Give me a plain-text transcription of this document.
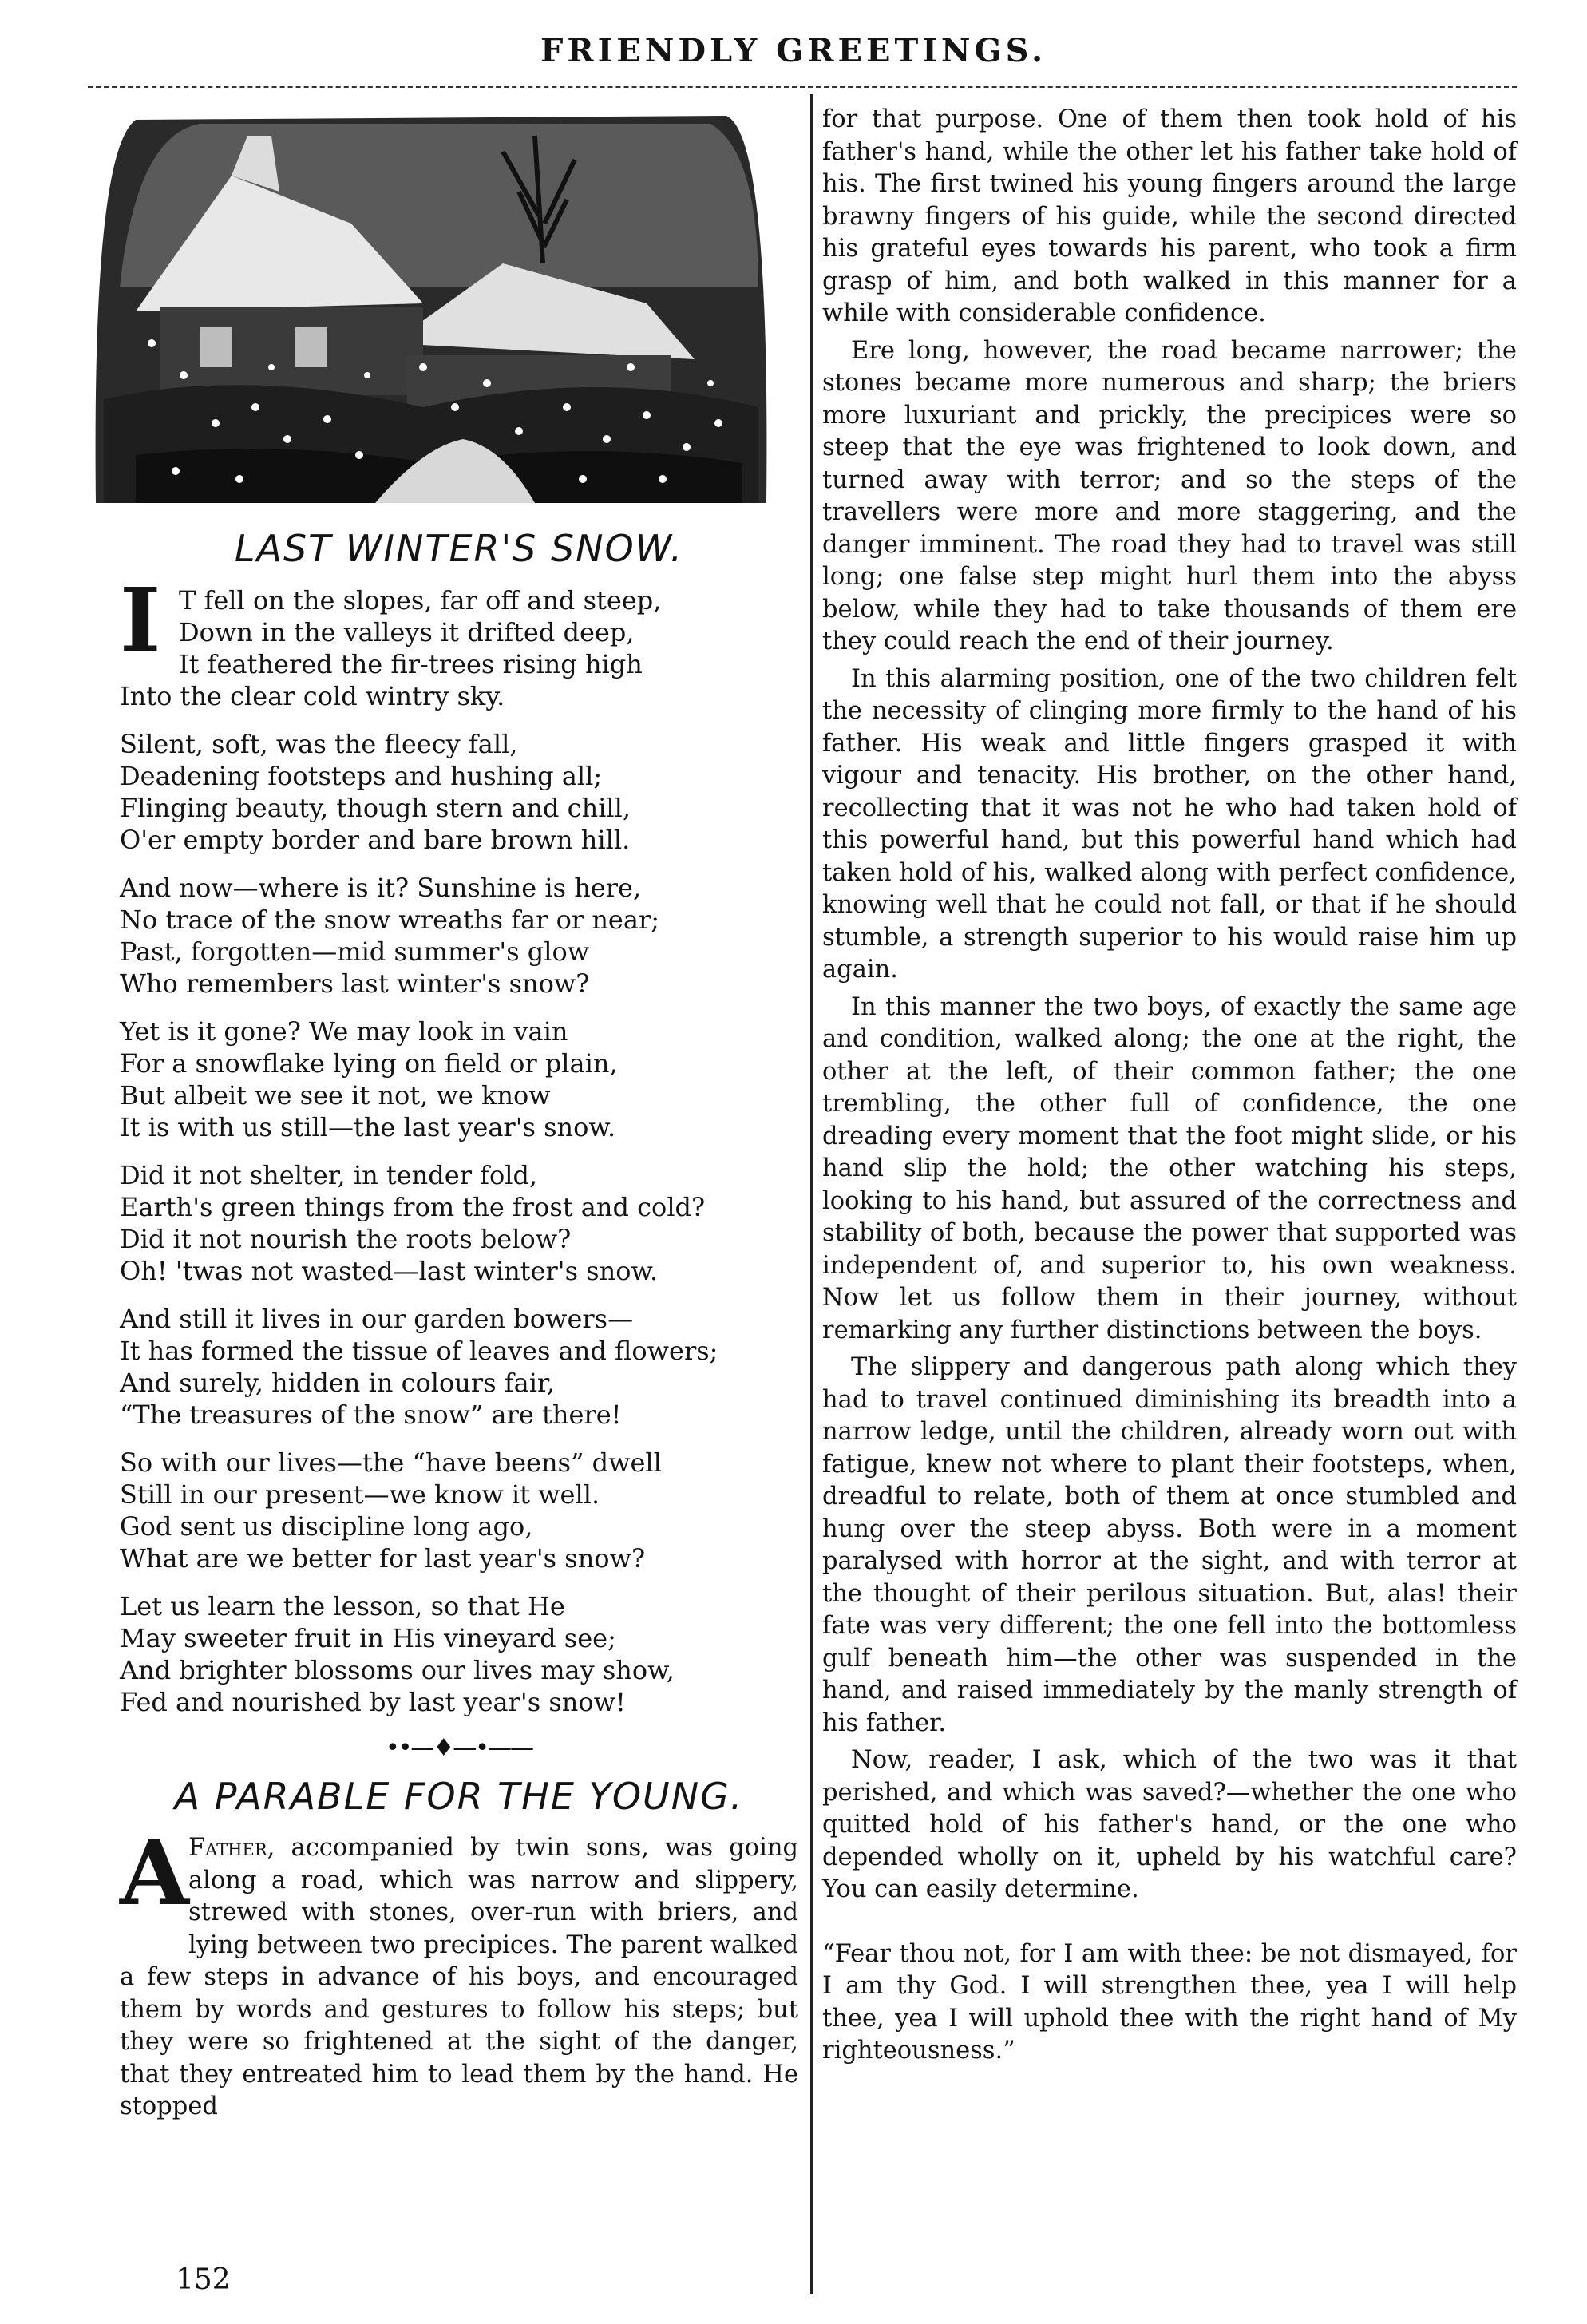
FRIENDLY GREETINGS.
LAST WINTER'S SNOW.
I T fell on the slopes, far off and steep,
Down in the valleys it drifted deep,
It feathered the fir-trees rising high
Into the clear cold wintry sky.
Silent, soft, was the fleecy fall,
Deadening footsteps and hushing all;
Flinging beauty, though stern and chill,
O'er empty border and bare brown hill.
And now—where is it? Sunshine is here,
No trace of the snow wreaths far or near;
Past, forgotten—mid summer's glow
Who remembers last winter's snow?
Yet is it gone? We may look in vain
For a snowflake lying on field or plain,
But albeit we see it not, we know
It is with us still—the last year's snow.
Did it not shelter, in tender fold,
Earth's green things from the frost and cold?
Did it not nourish the roots below?
Oh! 'twas not wasted—last winter's snow.
And still it lives in our garden bowers—
It has formed the tissue of leaves and flowers;
And surely, hidden in colours fair,
“The treasures of the snow” are there!
So with our lives—the “have beens” dwell
Still in our present—we know it well.
God sent us discipline long ago,
What are we better for last year's snow?
Let us learn the lesson, so that He
May sweeter fruit in His vineyard see;
And brighter blossoms our lives may show,
Fed and nourished by last year's snow!
••—♦—•——
A PARABLE FOR THE YOUNG.

A Father, accompanied by twin sons, was going along a road, which was narrow and slippery, strewed with stones, over-run with briers, and lying between two precipices. The parent walked a few steps in advance of his boys, and encouraged them by words and gestures to follow his steps; but they were so frightened at the sight of the danger, that they entreated him to lead them by the hand. He stopped

152

for that purpose. One of them then took hold of his father's hand, while the other let his father take hold of his. The first twined his young fingers around the large brawny fingers of his guide, while the second directed his grateful eyes towards his parent, who took a firm grasp of him, and both walked in this manner for a while with considerable confidence.

Ere long, however, the road became narrower; the stones became more numerous and sharp; the briers more luxuriant and prickly, the precipices were so steep that the eye was frightened to look down, and turned away with terror; and so the steps of the travellers were more and more staggering, and the danger imminent. The road they had to travel was still long; one false step might hurl them into the abyss below, while they had to take thousands of them ere they could reach the end of their journey.

In this alarming position, one of the two children felt the necessity of clinging more firmly to the hand of his father. His weak and little fingers grasped it with vigour and tenacity. His brother, on the other hand, recollecting that it was not he who had taken hold of this powerful hand, but this powerful hand which had taken hold of his, walked along with perfect confidence, knowing well that he could not fall, or that if he should stumble, a strength superior to his would raise him up again.

In this manner the two boys, of exactly the same age and condition, walked along; the one at the right, the other at the left, of their common father; the one trembling, the other full of confidence, the one dreading every moment that the foot might slide, or his hand slip the hold; the other watching his steps, looking to his hand, but assured of the correctness and stability of both, because the power that supported was independent of, and superior to, his own weakness. Now let us follow them in their journey, without remarking any further distinctions between the boys.

The slippery and dangerous path along which they had to travel continued diminishing its breadth into a narrow ledge, until the children, already worn out with fatigue, knew not where to plant their footsteps, when, dreadful to relate, both of them at once stumbled and hung over the steep abyss. Both were in a moment paralysed with horror at the sight, and with terror at the thought of their perilous situation. But, alas! their fate was very different; the one fell into the bottomless gulf beneath him—the other was suspended in the hand, and raised immediately by the manly strength of his father.

Now, reader, I ask, which of the two was it that perished, and which was saved?—whether the one who quitted hold of his father's hand, or the one who depended wholly on it, upheld by his watchful care? You can easily determine.

“Fear thou not, for I am with thee: be not dismayed, for I am thy God. I will strengthen thee, yea I will help thee, yea I will uphold thee with the right hand of My righteousness.”
